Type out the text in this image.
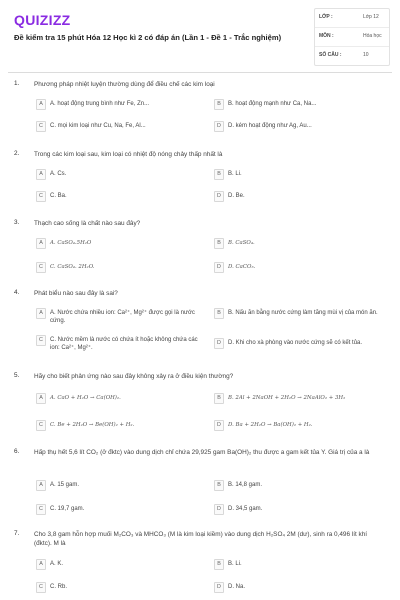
QUIZIZZ
Đề kiểm tra 15 phút Hóa 12 Học kì 2 có đáp án (Lần 1 - Đề 1 - Trắc nghiệm)
LỚP :	Lớp 12
MÔN :	Hóa học
SỐ CÂU :	10
1. Phương pháp nhiệt luyện thường dùng để điều chế các kim loại
A	A. hoạt động trung bình như Fe, Zn...	B	B. hoạt động mạnh như Ca, Na...
C	C. mọi kim loại như Cu, Na, Fe, Al...	D	D. kém hoạt động như Ag, Au...
2. Trong các kim loại sau, kim loại có nhiệt độ nóng chảy thấp nhất là
A	A. Cs.	B	B. Li.
C	C. Ba.	D	D. Be.
3. Thạch cao sống là chất nào sau đây?
A	A. CaSO₄.5H₂O	B	B. CaSO₄.
C	C. CaSO₄. 2H₂O.	D	D. CaCO₃.
4. Phát biểu nào sau đây là sai?
A	A. Nước chứa nhiều ion: Ca²⁺, Mg²⁺ được gọi là nước cứng.
B	B. Nấu ăn bằng nước cứng làm tăng mùi vị của món ăn.
C	C. Nước mềm là nước có chứa ít hoặc không chứa các ion: Ca²⁺, Mg²⁺.
D	D. Khi cho xà phòng vào nước cứng sẽ có kết tủa.
5. Hãy cho biết phản ứng nào sau đây không xảy ra ở điều kiện thường?
A	A. CaO + H₂O → Ca(OH)₂.	B	B. 2Al + 2NaOH + 2H₂O → 2NaAlO₂ + 3H₂
C	C. Be + 2H₂O → Be(OH)₂ + H₂.	D	D. Ba + 2H₂O → Ba(OH)₂ + H₂.
6. Hấp thụ hết 5,6 lít CO₂ (ở đktc) vào dung dịch chỉ chứa 29,925 gam Ba(OH)₂ thu được a gam kết tủa Y. Giá trị của a là
A	A. 15 gam.	B	B. 14,8 gam.
C	C. 19,7 gam.	D	D. 34,5 gam.
7. Cho 3,8 gam hỗn hợp muối M₂CO₃ và MHCO₃ (M là kim loại kiềm) vào dung dịch H₂SO₄ 2M (dư), sinh ra 0,496 lít khí (đktc). M là
A	A. K.	B	B. Li.
C	C. Rb.	D	D. Na.
